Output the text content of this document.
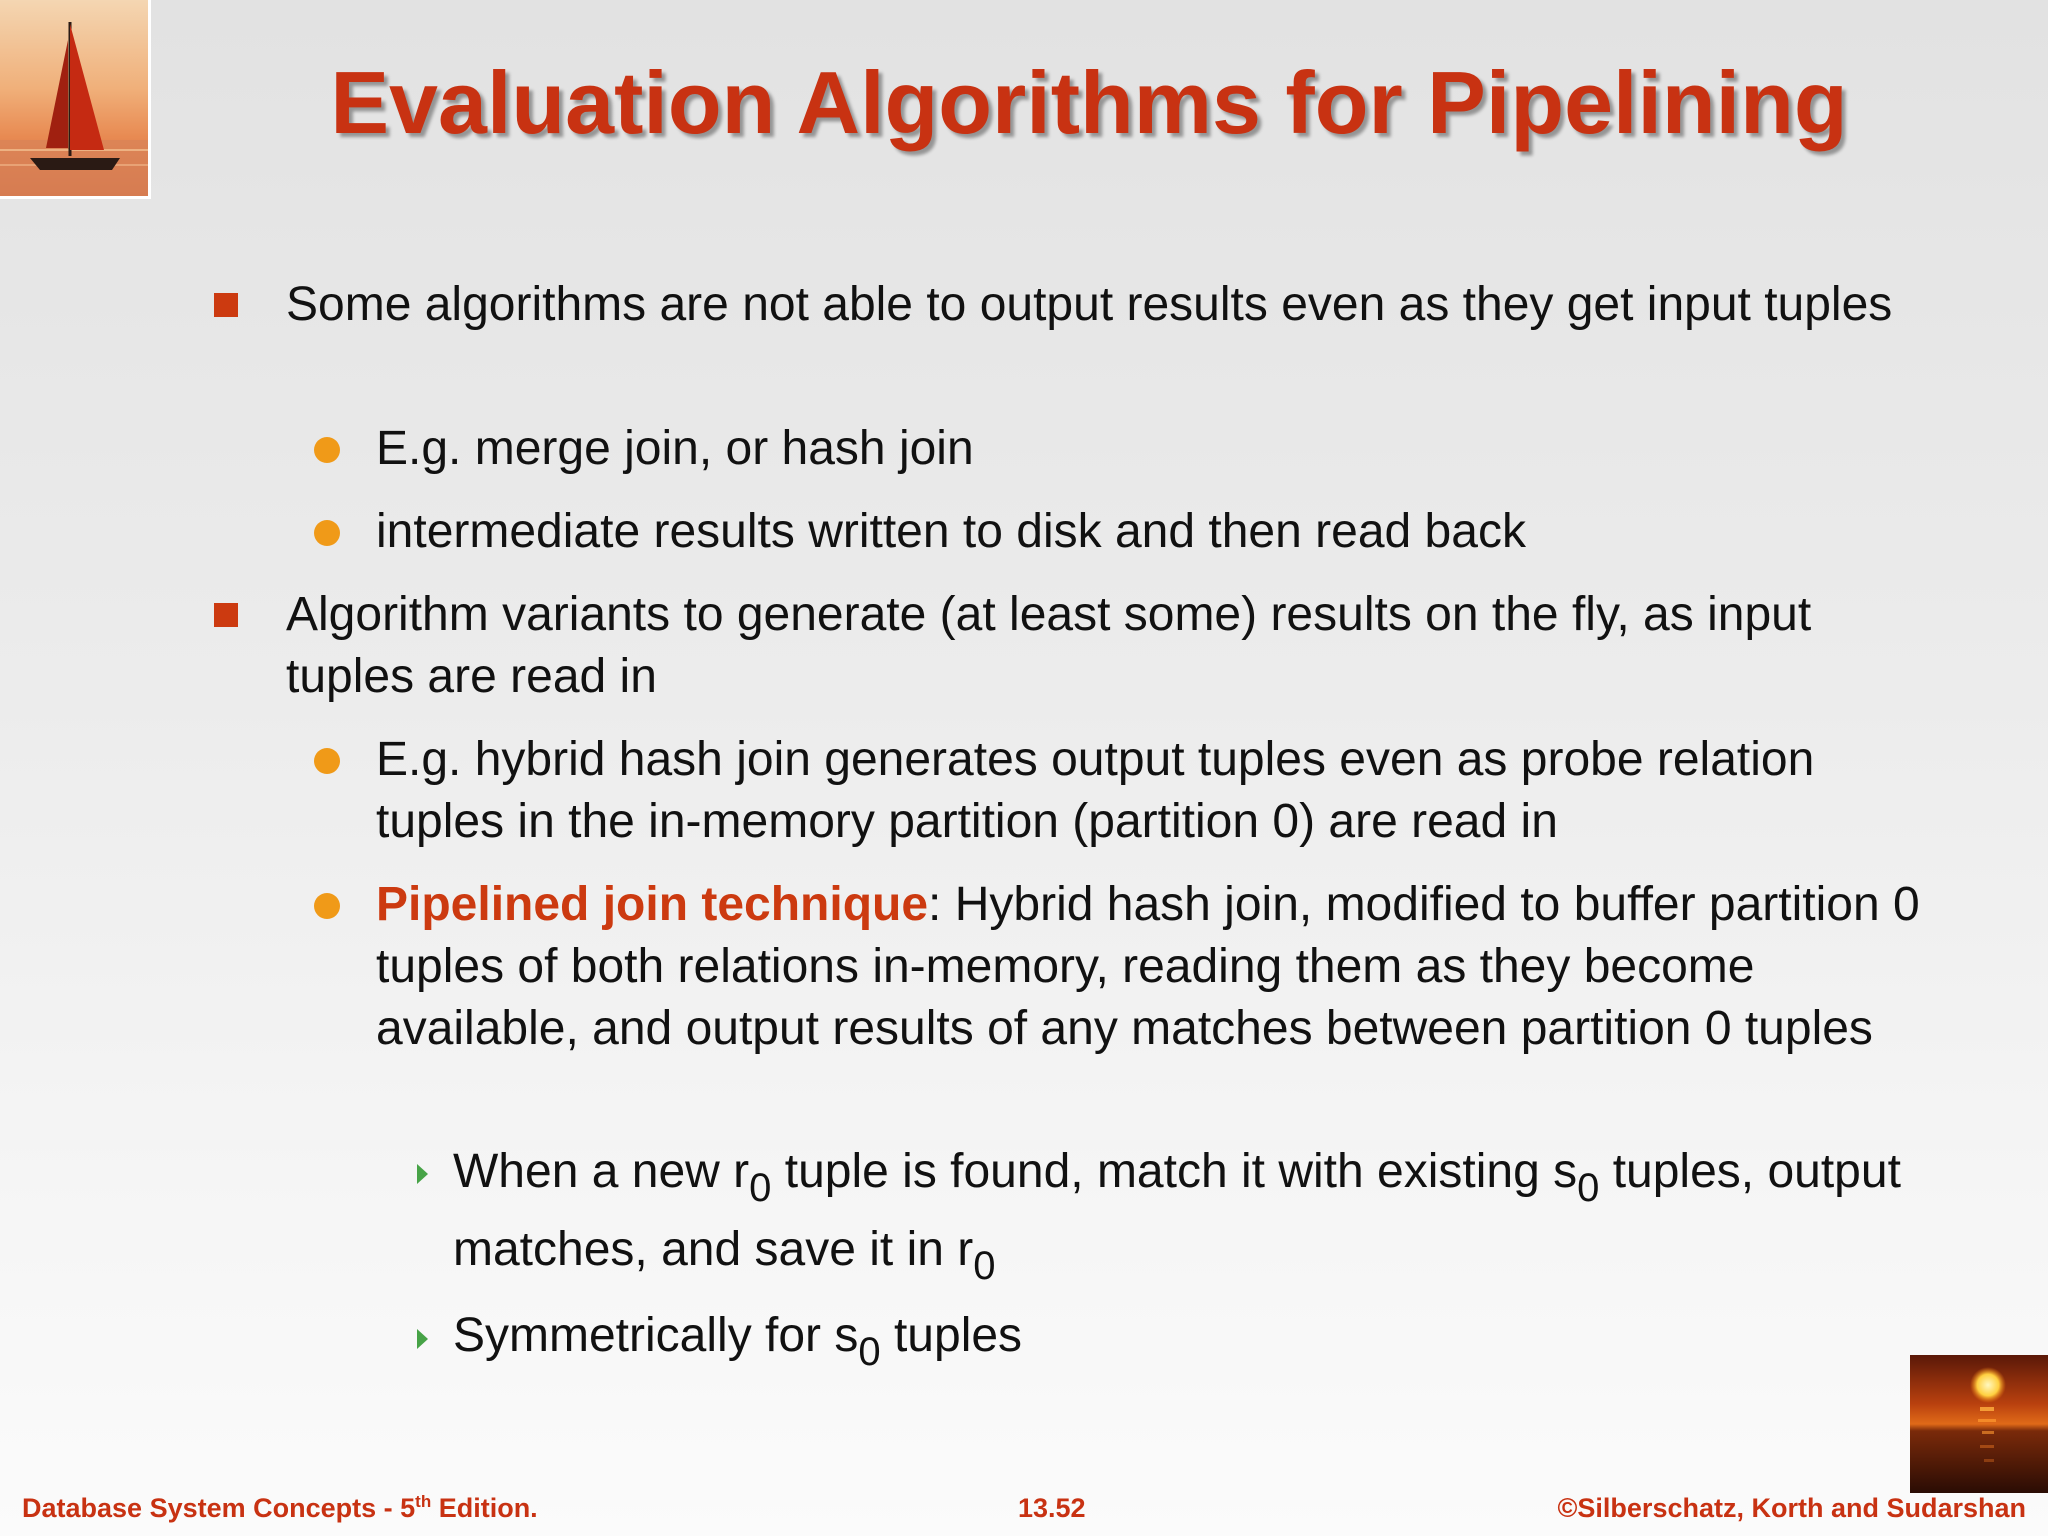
Evaluation Algorithms for Pipelining
Some algorithms are not able to output results even as they get input tuples
E.g. merge join, or hash join
intermediate results written to disk and then read back
Algorithm variants to generate (at least some) results on the fly, as input tuples are read in
E.g. hybrid hash join generates output tuples even as probe relation tuples in the in-memory partition (partition 0) are read in
Pipelined join technique: Hybrid hash join, modified to buffer partition 0 tuples of both relations in-memory, reading them as they become available, and output results of any matches between partition 0 tuples
When a new $r_0$ tuple is found, match it with existing $s_0$ tuples, output matches, and save it in $r_0$
Symmetrically for $s_0$ tuples
Database System Concepts - 5th Edition.	13.52	©Silberschatz, Korth and Sudarshan
